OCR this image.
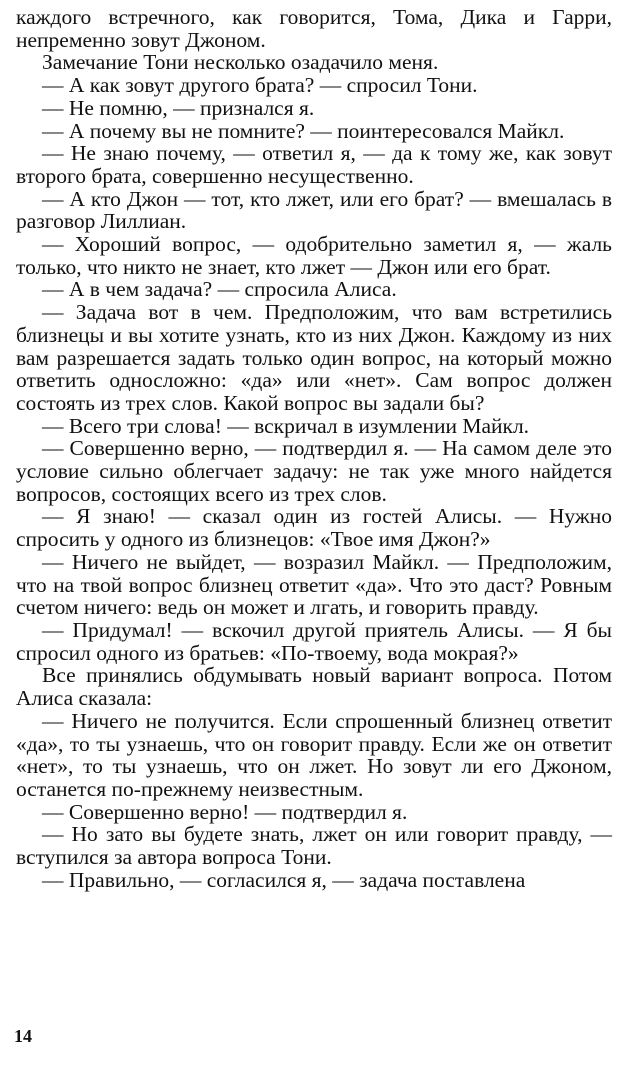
каждого встречного, как говорится, Тома, Дика и Гарри, непременно зовут Джоном.

Замечание Тони несколько озадачило меня.

— А как зовут другого брата? — спросил Тони.

— Не помню, — признался я.

— А почему вы не помните? — поинтересовался Майкл.

— Не знаю почему, — ответил я, — да к тому же, как зовут второго брата, совершенно несущественно.

— А кто Джон — тот, кто лжет, или его брат? — вмешалась в разговор Лиллиан.

— Хороший вопрос, — одобрительно заметил я, — жаль только, что никто не знает, кто лжет — Джон или его брат.

— А в чем задача? — спросила Алиса.

— Задача вот в чем. Предположим, что вам встретились близнецы и вы хотите узнать, кто из них Джон. Каждому из них вам разрешается задать только один вопрос, на который можно ответить односложно: «да» или «нет». Сам вопрос должен состоять из трех слов. Какой вопрос вы задали бы?

— Всего три слова! — вскричал в изумлении Майкл.

— Совершенно верно, — подтвердил я. — На самом деле это условие сильно облегчает задачу: не так уже много найдется вопросов, состоящих всего из трех слов.

— Я знаю! — сказал один из гостей Алисы. — Нужно спросить у одного из близнецов: «Твое имя Джон?»

— Ничего не выйдет, — возразил Майкл. — Предположим, что на твой вопрос близнец ответит «да». Что это даст? Ровным счетом ничего: ведь он может и лгать, и говорить правду.

— Придумал! — вскочил другой приятель Алисы. — Я бы спросил одного из братьев: «По-твоему, вода мокрая?»

Все принялись обдумывать новый вариант вопроса. Потом Алиса сказала:

— Ничего не получится. Если спрошенный близнец ответит «да», то ты узнаешь, что он говорит правду. Если же он ответит «нет», то ты узнаешь, что он лжет. Но зовут ли его Джоном, останется по-прежнему неизвестным.

— Совершенно верно! — подтвердил я.

— Но зато вы будете знать, лжет он или говорит правду, — вступился за автора вопроса Тони.

— Правильно, — согласился я, — задача поставлена

14
